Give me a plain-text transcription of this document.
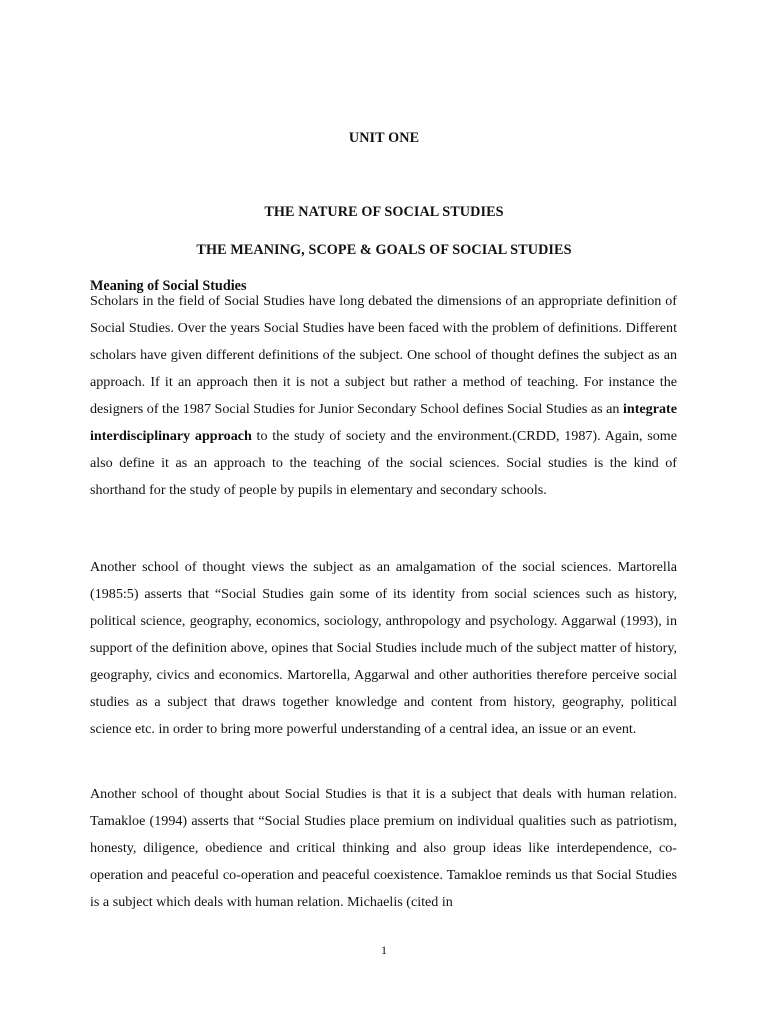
UNIT ONE
THE NATURE OF SOCIAL STUDIES
THE MEANING, SCOPE & GOALS OF SOCIAL STUDIES
Meaning of Social Studies

Scholars in the field of Social Studies have long debated the dimensions of an appropriate definition of Social Studies. Over the years Social Studies have been faced with the problem of definitions. Different scholars have given different definitions of the subject. One school of thought defines the subject as an approach. If it an approach then it is not a subject but rather a method of teaching. For instance the designers of the 1987 Social Studies for Junior Secondary School defines Social Studies as an integrate interdisciplinary approach to the study of society and the environment.(CRDD, 1987). Again, some also define it as an approach to the teaching of the social sciences. Social studies is the kind of shorthand for the study of people by pupils in elementary and secondary schools.

Another school of thought views the subject as an amalgamation of the social sciences. Martorella (1985:5) asserts that “Social Studies gain some of its identity from social sciences such as history, political science, geography, economics, sociology, anthropology and psychology. Aggarwal (1993), in support of the definition above, opines that Social Studies include much of the subject matter of history, geography, civics and economics. Martorella, Aggarwal and other authorities therefore perceive social studies as a subject that draws together knowledge and content from history, geography, political science etc. in order to bring more powerful understanding of a central idea, an issue or an event.

Another school of thought about Social Studies is that it is a subject that deals with human relation. Tamakloe (1994) asserts that “Social Studies place premium on individual qualities such as patriotism, honesty, diligence, obedience and critical thinking and also group ideas like interdependence, co-operation and peaceful co-operation and peaceful coexistence. Tamakloe reminds us that Social Studies is a subject which deals with human relation. Michaelis (cited in

1
